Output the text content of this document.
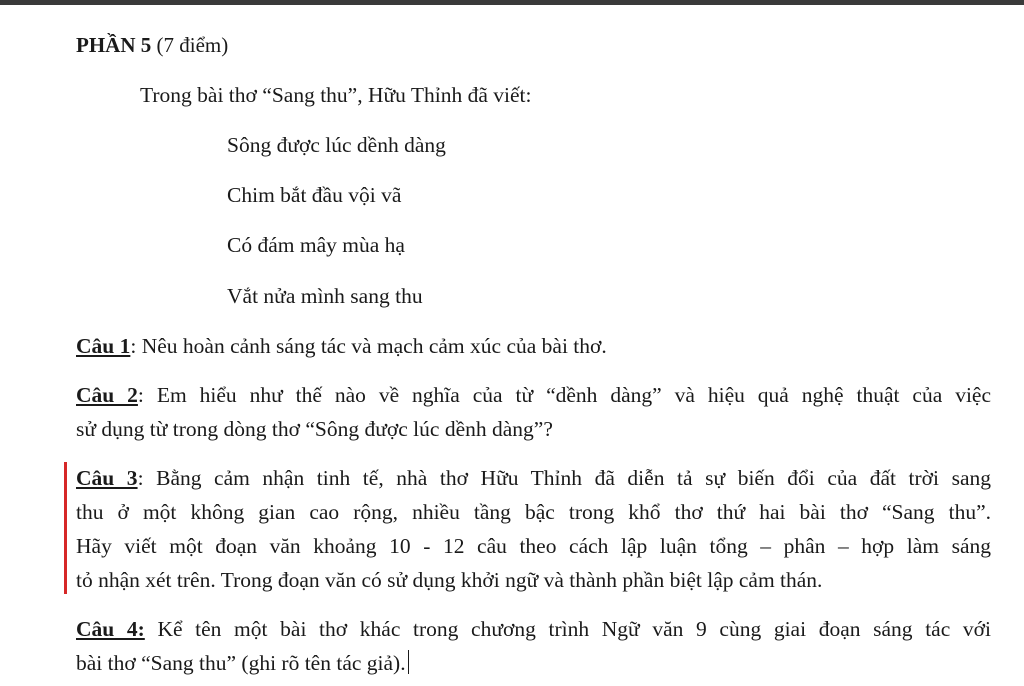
PHẦN 5 (7 điểm)
Trong bài thơ “Sang thu”, Hữu Thỉnh đã viết:
Sông được lúc dềnh dàng
Chim bắt đầu vội vã
Có đám mây mùa hạ
Vắt nửa mình sang thu
Câu 1: Nêu hoàn cảnh sáng tác và mạch cảm xúc của bài thơ.
Câu 2: Em hiểu như thế nào về nghĩa của từ “dềnh dàng” và hiệu quả nghệ thuật của việc
sử dụng từ trong dòng thơ “Sông được lúc dềnh dàng”?
Câu 3: Bằng cảm nhận tinh tế, nhà thơ Hữu Thỉnh đã diễn tả sự biến đổi của đất trời sang
thu ở một không gian cao rộng, nhiều tầng bậc trong khổ thơ thứ hai bài thơ “Sang thu”.
Hãy viết một đoạn văn khoảng 10 - 12 câu theo cách lập luận tổng – phân – hợp làm sáng
tỏ nhận xét trên. Trong đoạn văn có sử dụng khởi ngữ và thành phần biệt lập cảm thán.
Câu 4: Kể tên một bài thơ khác trong chương trình Ngữ văn 9 cùng giai đoạn sáng tác với
bài thơ “Sang thu” (ghi rõ tên tác giả).
